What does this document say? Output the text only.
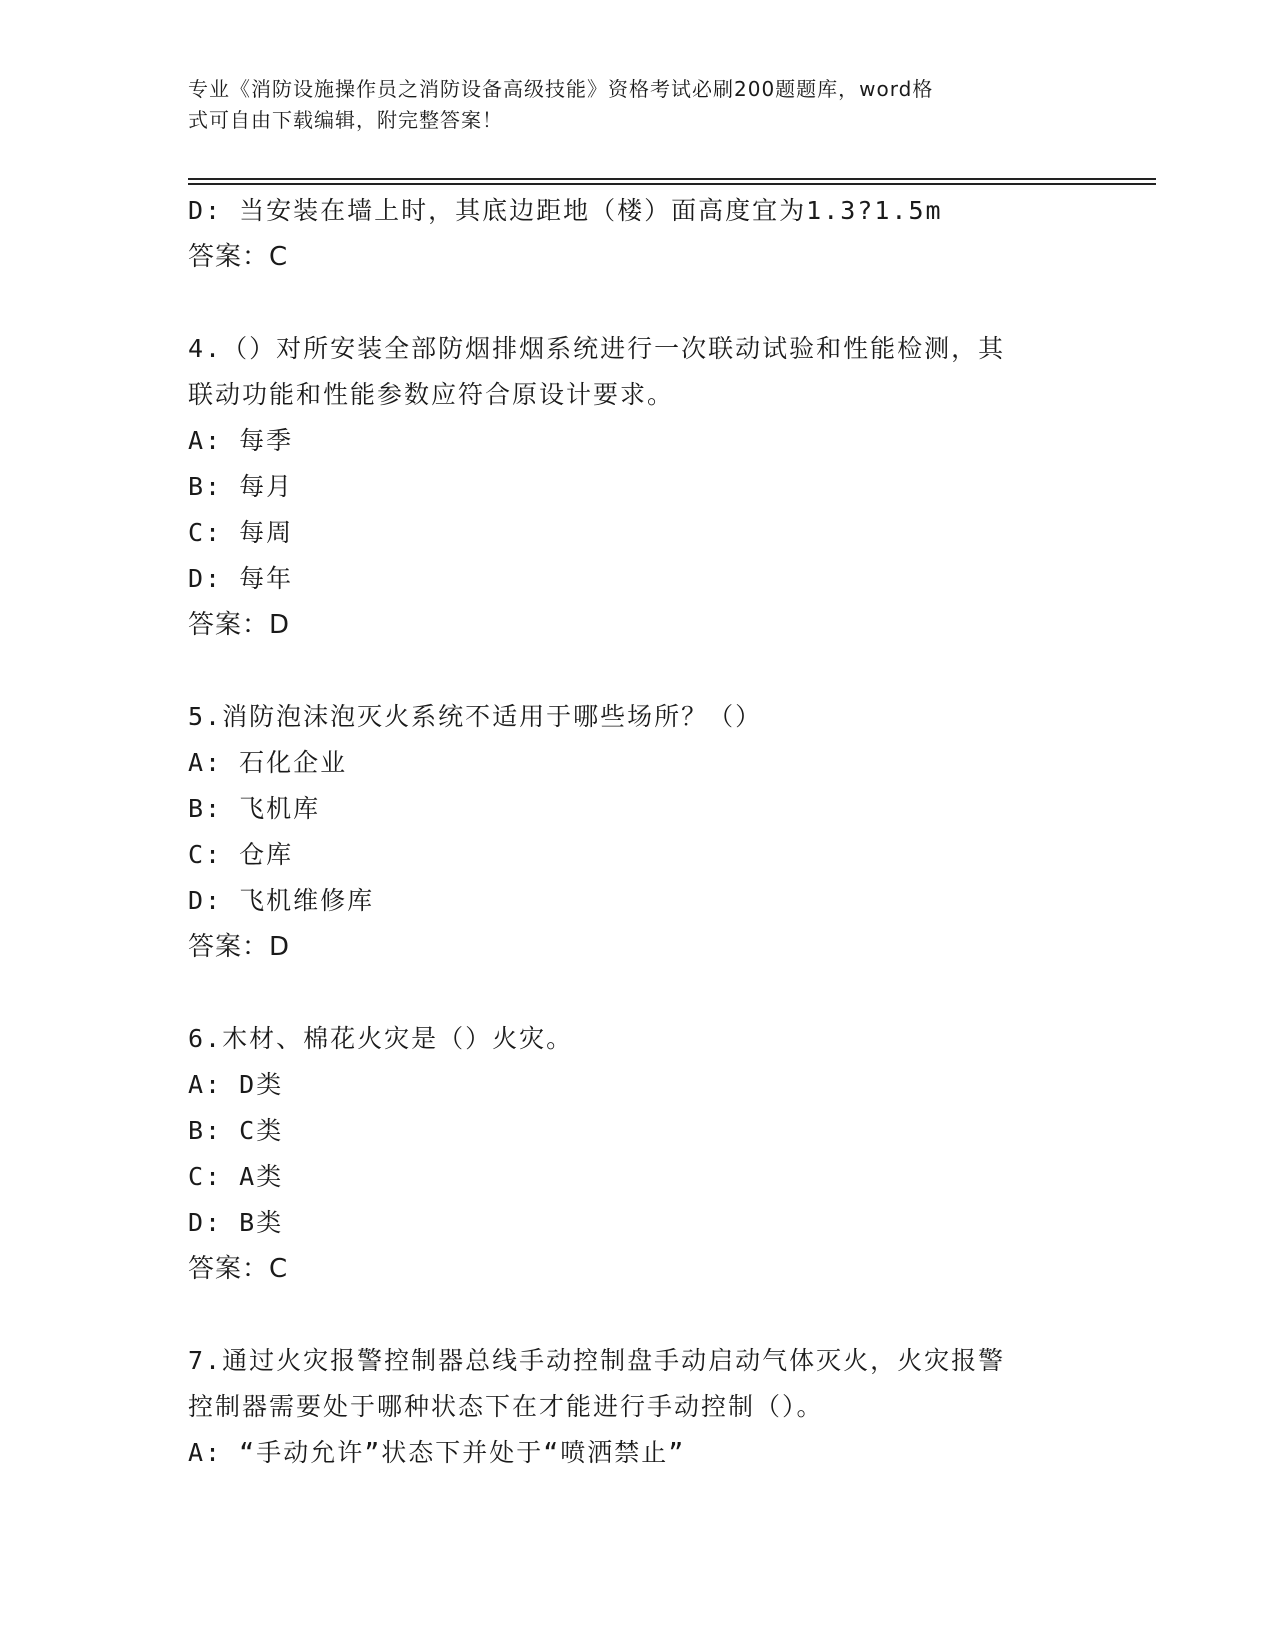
专业《消防设施操作员之消防设备高级技能》资格考试必刷200题题库，word格
式可自由下载编辑，附完整答案！
D: 当安装在墙上时，其底边距地（楼）面高度宜为1.3?1.5m
答案：C
4.（）对所安装全部防烟排烟系统进行一次联动试验和性能检测，其
联动功能和性能参数应符合原设计要求。
A: 每季
B: 每月
C: 每周
D: 每年
答案：D
5.消防泡沫泡灭火系统不适用于哪些场所？（）
A: 石化企业
B: 飞机库
C: 仓库
D: 飞机维修库
答案：D
6.木材、棉花火灾是（）火灾。
A: D类
B: C类
C: A类
D: B类
答案：C
7.通过火灾报警控制器总线手动控制盘手动启动气体灭火，火灾报警
控制器需要处于哪种状态下在才能进行手动控制（）。
A: “手动允许”状态下并处于“喷洒禁止”
